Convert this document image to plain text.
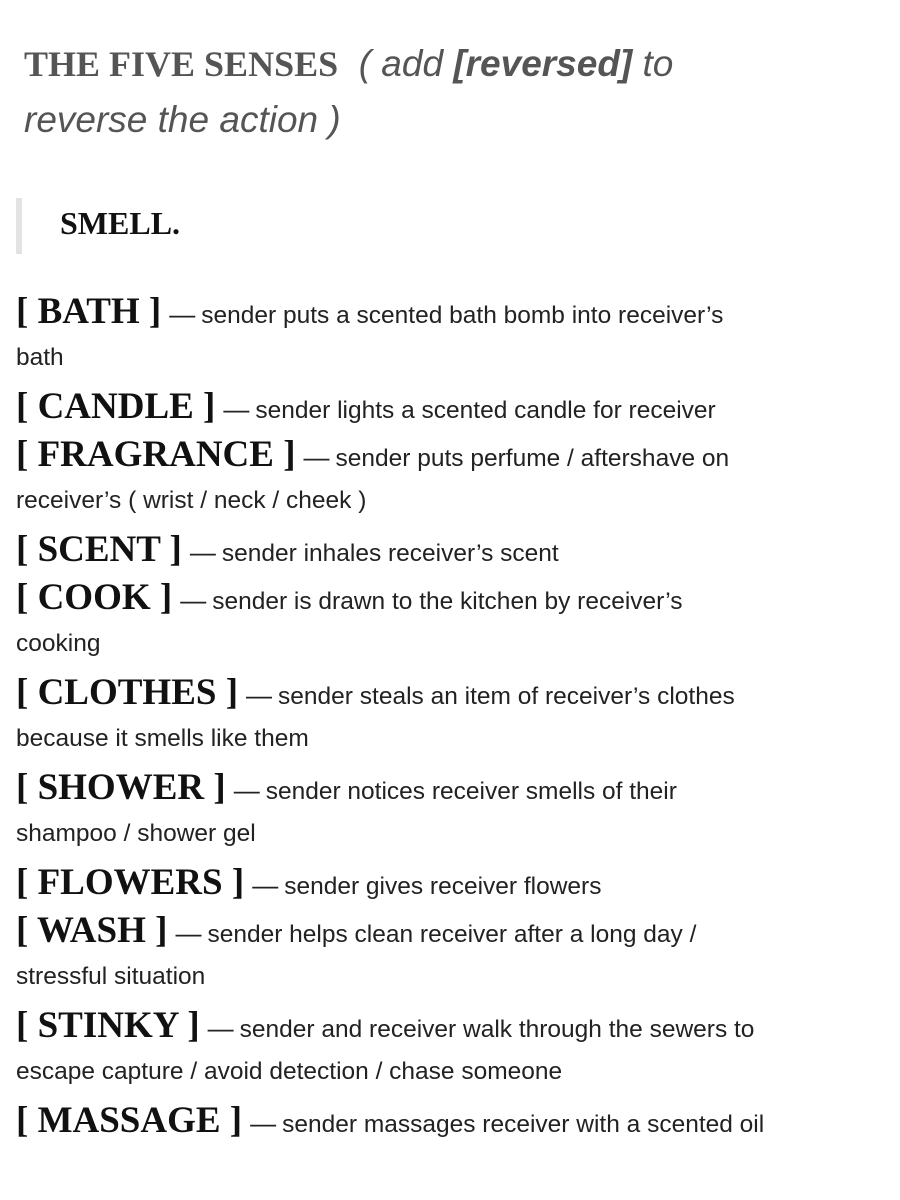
THE FIVE SENSES ( add [reversed] to
reverse the action )
SMELL.
[ BATH ] — sender puts a scented bath bomb into receiver’s
bath
[ CANDLE ] — sender lights a scented candle for receiver
[ FRAGRANCE ] — sender puts perfume / aftershave on
receiver’s ( wrist / neck / cheek )
[ SCENT ] — sender inhales receiver’s scent
[ COOK ] — sender is drawn to the kitchen by receiver’s
cooking
[ CLOTHES ] — sender steals an item of receiver’s clothes
because it smells like them
[ SHOWER ] — sender notices receiver smells of their
shampoo / shower gel
[ FLOWERS ] — sender gives receiver flowers
[ WASH ] — sender helps clean receiver after a long day /
stressful situation
[ STINKY ] — sender and receiver walk through the sewers to
escape capture / avoid detection / chase someone
[ MASSAGE ] — sender massages receiver with a scented oil
